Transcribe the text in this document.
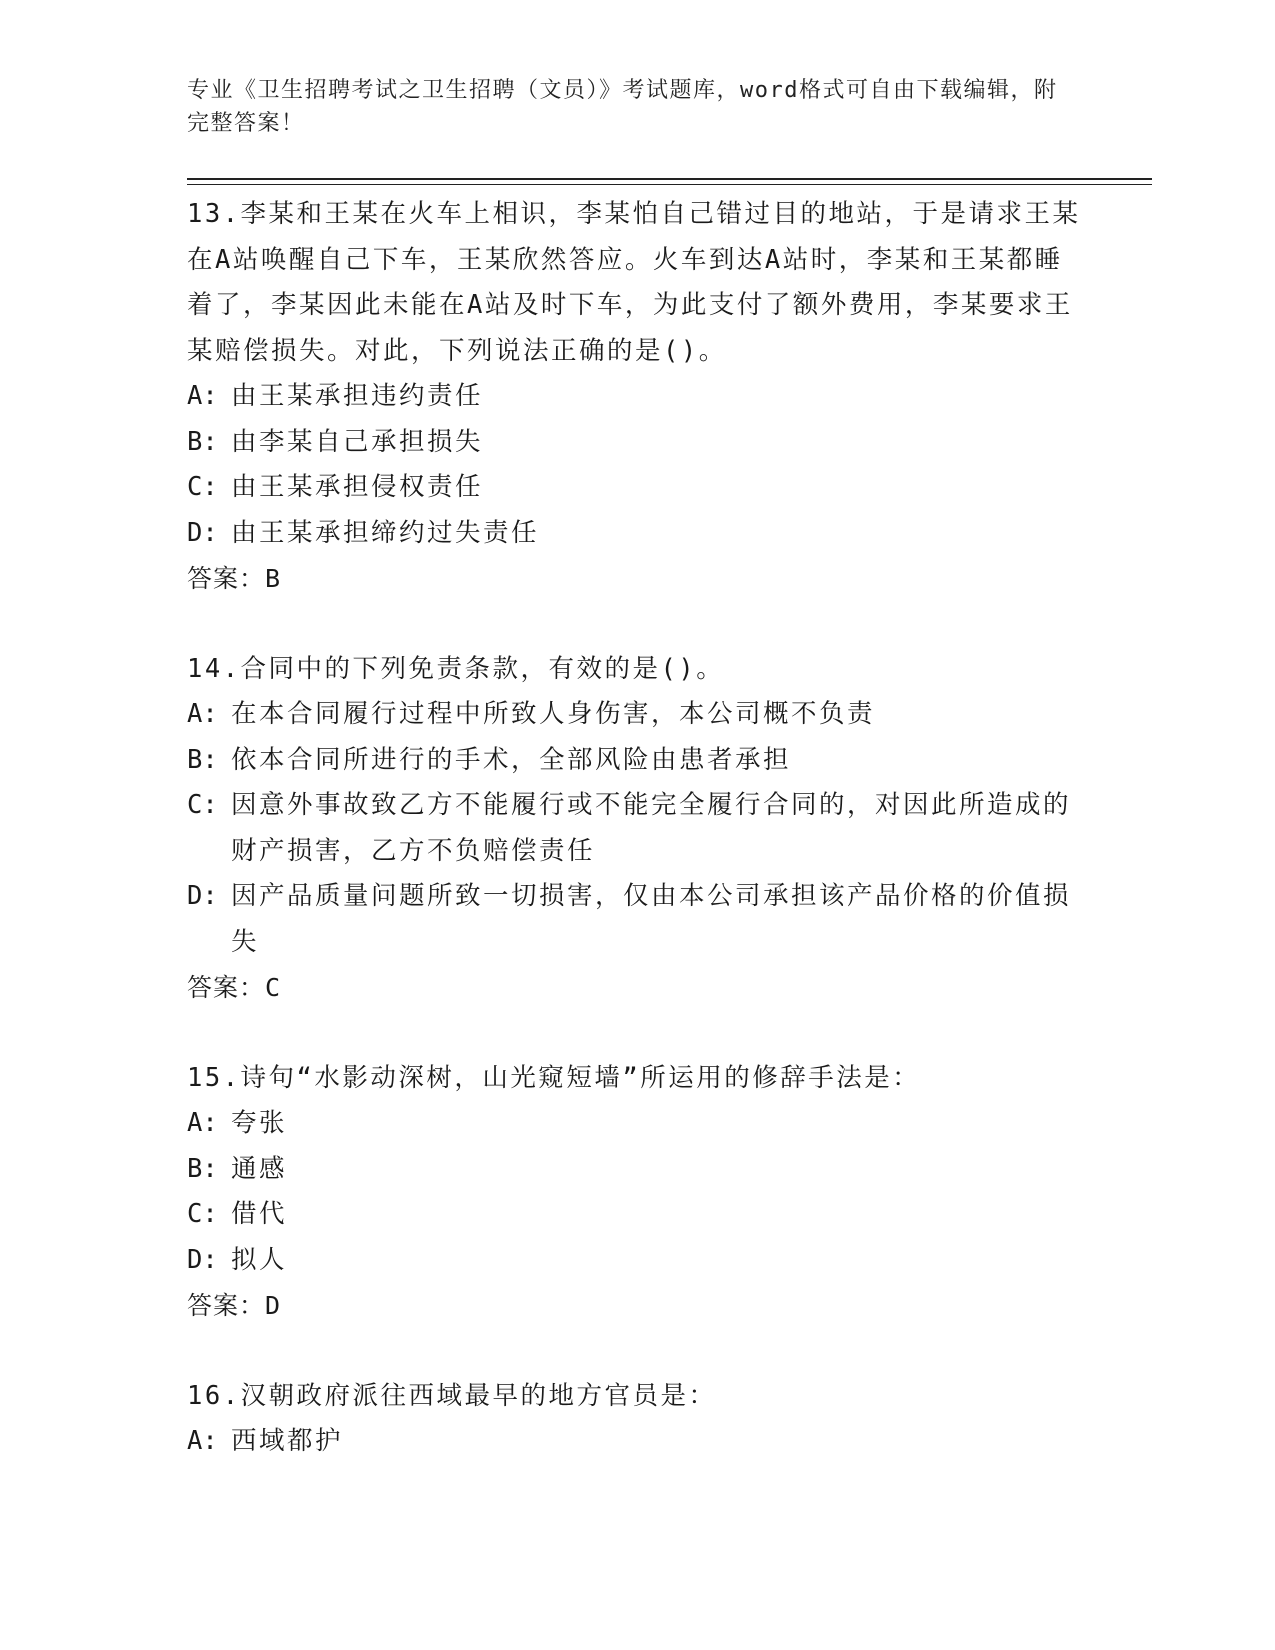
专业《卫生招聘考试之卫生招聘（文员）》考试题库，word格式可自由下载编辑，附完整答案！

13.李某和王某在火车上相识，李某怕自己错过目的地站，于是请求王某在A站唤醒自己下车，王某欣然答应。火车到达A站时，李某和王某都睡着了，李某因此未能在A站及时下车，为此支付了额外费用，李某要求王某赔偿损失。对此，下列说法正确的是()。

A: 由王某承担违约责任
B: 由李某自己承担损失
C: 由王某承担侵权责任
D: 由王某承担缔约过失责任

答案：B

14.合同中的下列免责条款，有效的是()。

A: 在本合同履行过程中所致人身伤害，本公司概不负责
B: 依本合同所进行的手术，全部风险由患者承担
C: 因意外事故致乙方不能履行或不能完全履行合同的，对因此所造成的财产损害，乙方不负赔偿责任
D: 因产品质量问题所致一切损害，仅由本公司承担该产品价格的价值损失

答案：C

15.诗句“水影动深树，山光窥短墙”所运用的修辞手法是：

A: 夸张
B: 通感
C: 借代
D: 拟人

答案：D

16.汉朝政府派往西域最早的地方官员是：

A: 西域都护
